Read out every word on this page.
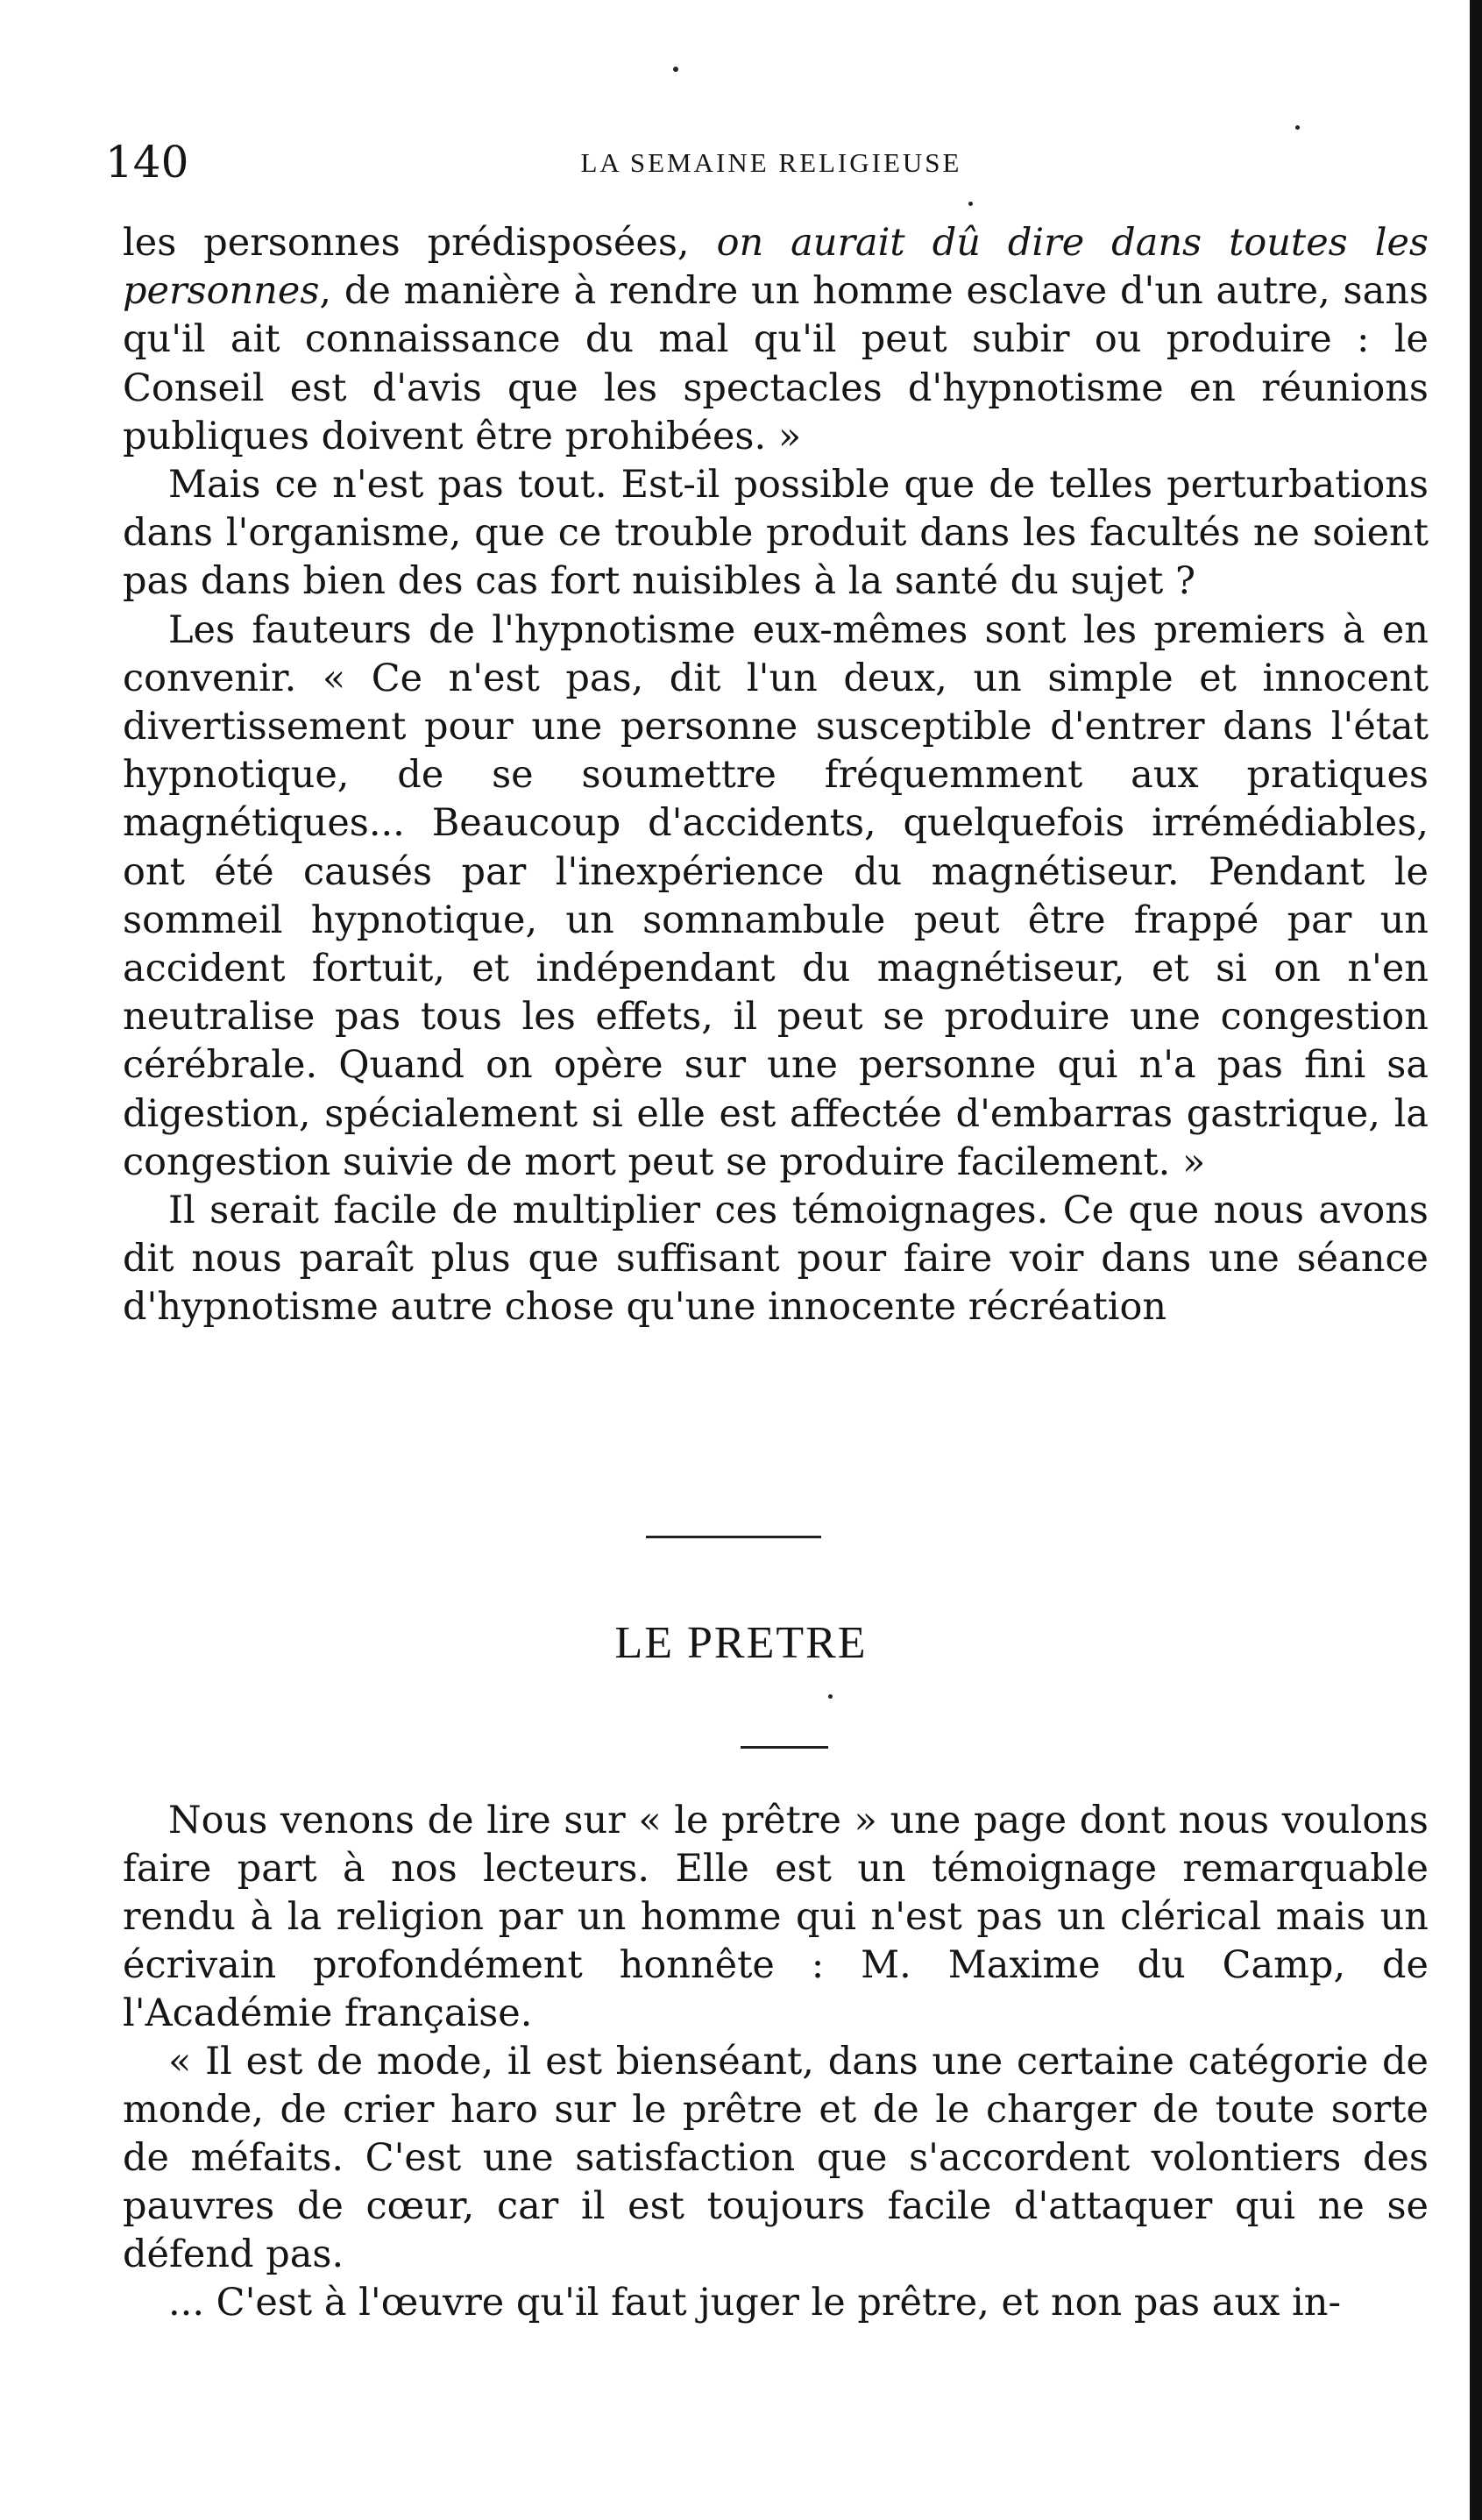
140	LA SEMAINE RELIGIEUSE

les personnes prédisposées, on aurait dû dire dans toutes les personnes, de manière à rendre un homme esclave d'un autre, sans qu'il ait connaissance du mal qu'il peut subir ou produire : le Conseil est d'avis que les spectacles d'hypnotisme en réunions publiques doivent être prohibées. »

Mais ce n'est pas tout. Est-il possible que de telles perturbations dans l'organisme, que ce trouble produit dans les facultés ne soient pas dans bien des cas fort nuisibles à la santé du sujet ?

Les fauteurs de l'hypnotisme eux-mêmes sont les premiers à en convenir. « Ce n'est pas, dit l'un deux, un simple et innocent divertissement pour une personne susceptible d'entrer dans l'état hypnotique, de se soumettre fréquemment aux pratiques magnétiques... Beaucoup d'accidents, quelquefois irrémédiables, ont été causés par l'inexpérience du magnétiseur. Pendant le sommeil hypnotique, un somnambule peut être frappé par un accident fortuit, et indépendant du magnétiseur, et si on n'en neutralise pas tous les effets, il peut se produire une congestion cérébrale. Quand on opère sur une personne qui n'a pas fini sa digestion, spécialement si elle est affectée d'embarras gastrique, la congestion suivie de mort peut se produire facilement. »

Il serait facile de multiplier ces témoignages. Ce que nous avons dit nous paraît plus que suffisant pour faire voir dans une séance d'hypnotisme autre chose qu'une innocente récréation

LE PRETRE

Nous venons de lire sur « le prêtre » une page dont nous voulons faire part à nos lecteurs. Elle est un témoignage remarquable rendu à la religion par un homme qui n'est pas un clérical mais un écrivain profondément honnête : M. Maxime du Camp, de l'Académie française.

« Il est de mode, il est bienséant, dans une certaine catégorie de monde, de crier haro sur le prêtre et de le charger de toute sorte de méfaits. C'est une satisfaction que s'accordent volontiers des pauvres de cœur, car il est toujours facile d'attaquer qui ne se défend pas.

... C'est à l'œuvre qu'il faut juger le prêtre, et non pas aux in-
